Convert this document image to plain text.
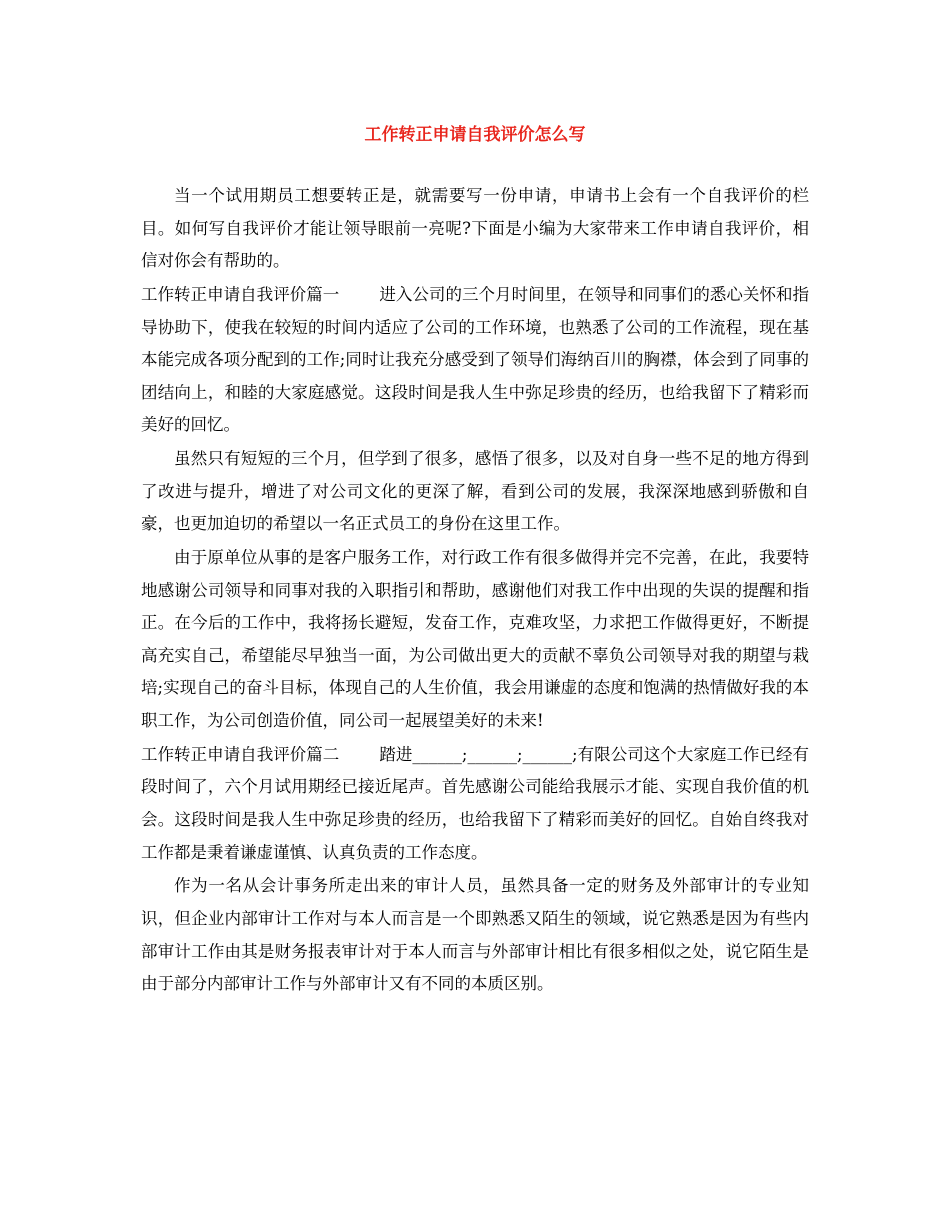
工作转正申请自我评价怎么写

当一个试用期员工想要转正是，就需要写一份申请，申请书上会有一个自我评价的栏目。如何写自我评价才能让领导眼前一亮呢?下面是小编为大家带来工作申请自我评价，相信对你会有帮助的。

工作转正申请自我评价篇一 进入公司的三个月时间里，在领导和同事们的悉心关怀和指导协助下，使我在较短的时间内适应了公司的工作环境，也熟悉了公司的工作流程，现在基本能完成各项分配到的工作;同时让我充分感受到了领导们海纳百川的胸襟，体会到了同事的团结向上，和睦的大家庭感觉。这段时间是我人生中弥足珍贵的经历，也给我留下了精彩而美好的回忆。

虽然只有短短的三个月，但学到了很多，感悟了很多，以及对自身一些不足的地方得到了改进与提升，增进了对公司文化的更深了解，看到公司的发展，我深深地感到骄傲和自豪，也更加迫切的希望以一名正式员工的身份在这里工作。

由于原单位从事的是客户服务工作，对行政工作有很多做得并完不完善，在此，我要特地感谢公司领导和同事对我的入职指引和帮助，感谢他们对我工作中出现的失误的提醒和指正。在今后的工作中，我将扬长避短，发奋工作，克难攻坚，力求把工作做得更好，不断提高充实自己，希望能尽早独当一面，为公司做出更大的贡献不辜负公司领导对我的期望与栽培;实现自己的奋斗目标，体现自己的人生价值，我会用谦虚的态度和饱满的热情做好我的本职工作，为公司创造价值，同公司一起展望美好的未来!

工作转正申请自我评价篇二 踏进______;______;______;有限公司这个大家庭工作已经有段时间了，六个月试用期经已接近尾声。首先感谢公司能给我展示才能、实现自我价值的机会。这段时间是我人生中弥足珍贵的经历，也给我留下了精彩而美好的回忆。自始自终我对工作都是秉着谦虚谨慎、认真负责的工作态度。

作为一名从会计事务所走出来的审计人员，虽然具备一定的财务及外部审计的专业知识，但企业内部审计工作对与本人而言是一个即熟悉又陌生的领域，说它熟悉是因为有些内部审计工作由其是财务报表审计对于本人而言与外部审计相比有很多相似之处，说它陌生是由于部分内部审计工作与外部审计又有不同的本质区别。
